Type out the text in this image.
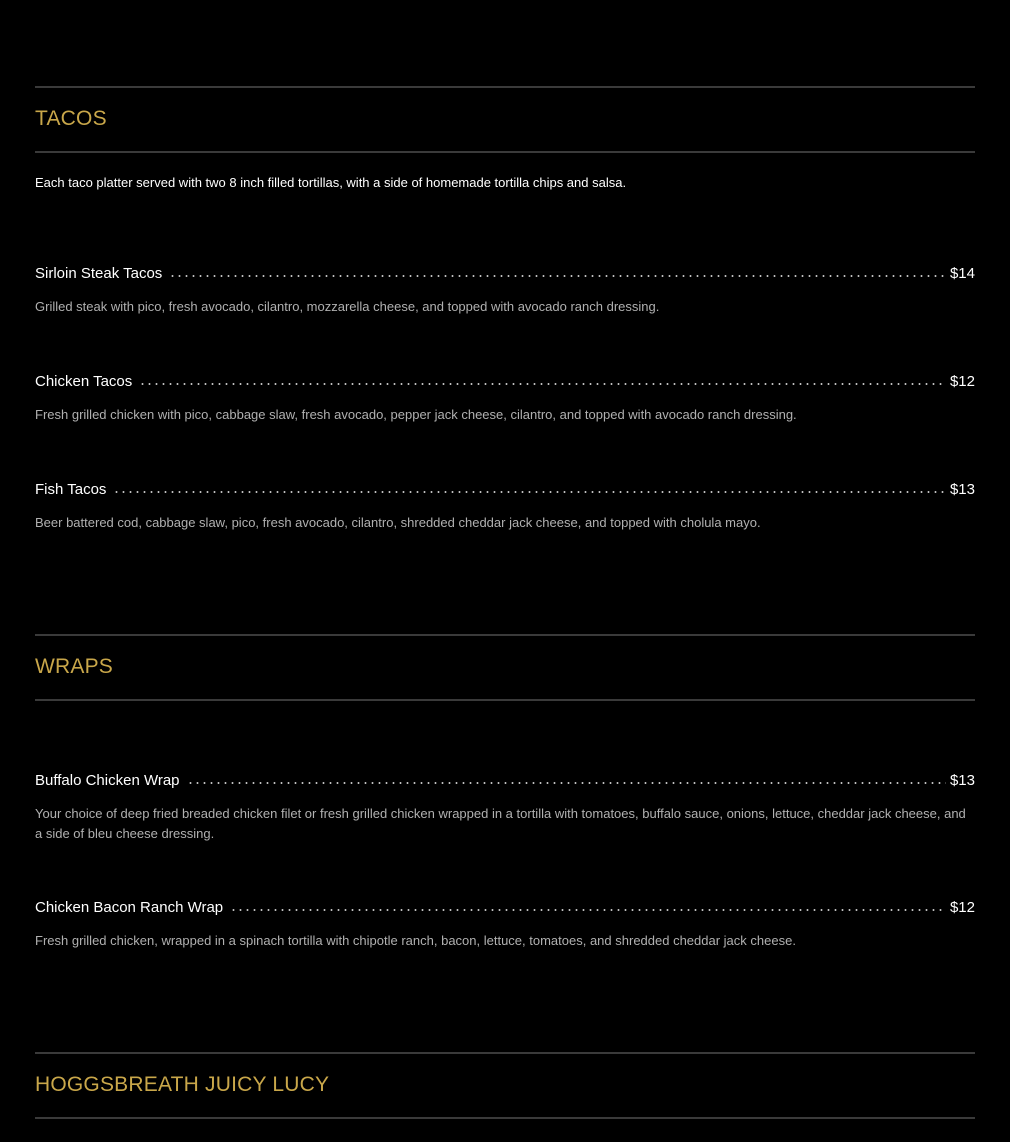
TACOS
Each taco platter served with two 8 inch filled tortillas, with a side of homemade tortilla chips and salsa.
Sirloin Steak Tacos	$14
Grilled steak with pico, fresh avocado, cilantro, mozzarella cheese, and topped with avocado ranch dressing.
Chicken Tacos	$12
Fresh grilled chicken with pico, cabbage slaw, fresh avocado, pepper jack cheese, cilantro, and topped with avocado ranch dressing.
Fish Tacos	$13
Beer battered cod, cabbage slaw, pico, fresh avocado, cilantro, shredded cheddar jack cheese, and topped with cholula mayo.
WRAPS
Buffalo Chicken Wrap	$13
Your choice of deep fried breaded chicken filet or fresh grilled chicken wrapped in a tortilla with tomatoes, buffalo sauce, onions, lettuce, cheddar jack cheese, and a side of bleu cheese dressing.
Chicken Bacon Ranch Wrap	$12
Fresh grilled chicken, wrapped in a spinach tortilla with chipotle ranch, bacon, lettuce, tomatoes, and shredded cheddar jack cheese.
HOGGSBREATH JUICY LUCY
